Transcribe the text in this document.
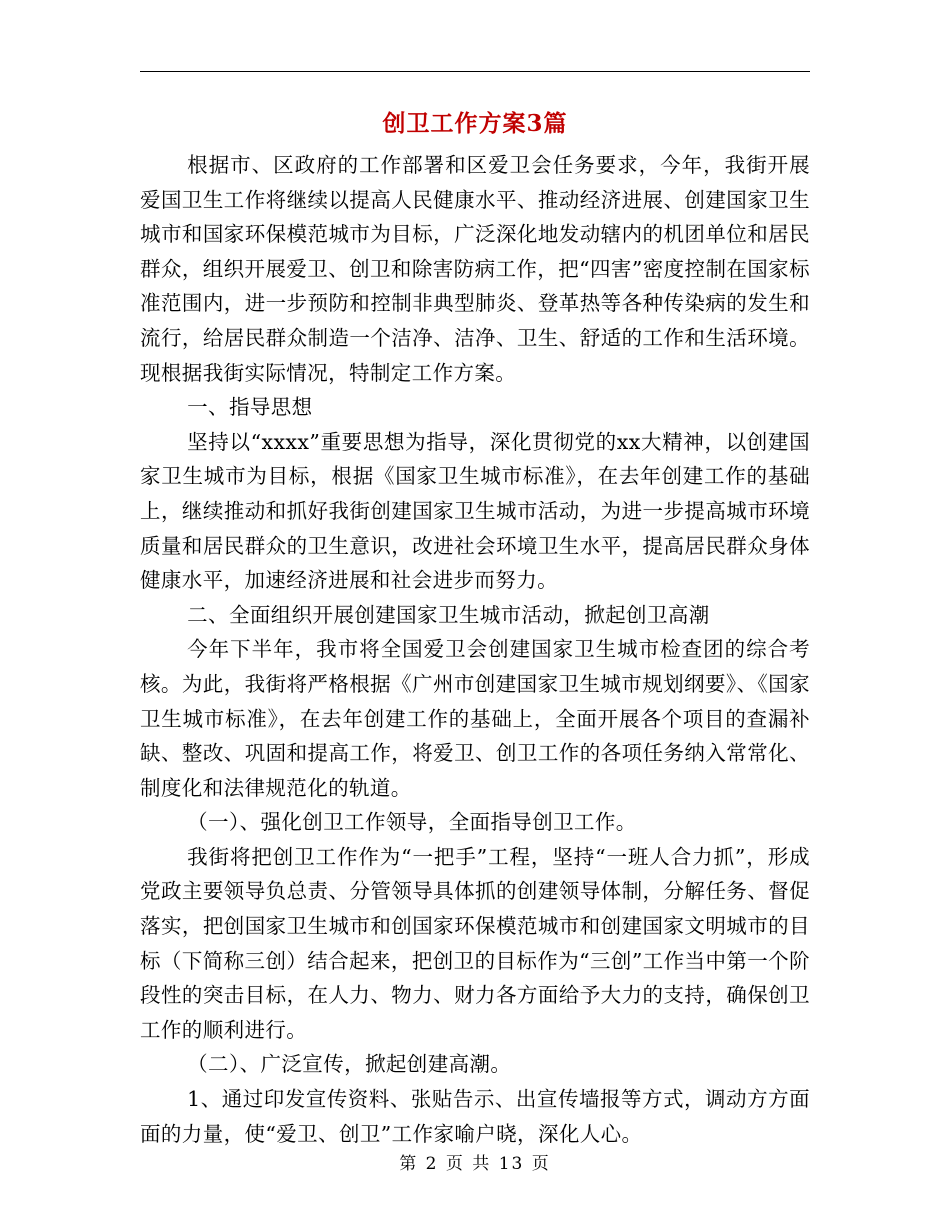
创卫工作方案3篇

根据市、区政府的工作部署和区爱卫会任务要求，今年，我街开展爱国卫生工作将继续以提高人民健康水平、推动经济进展、创建国家卫生城市和国家环保模范城市为目标，广泛深化地发动辖内的机团单位和居民群众，组织开展爱卫、创卫和除害防病工作，把“四害”密度控制在国家标准范围内，进一步预防和控制非典型肺炎、登革热等各种传染病的发生和流行，给居民群众制造一个洁净、洁净、卫生、舒适的工作和生活环境。现根据我街实际情况，特制定工作方案。

一、指导思想

坚持以“xxxx”重要思想为指导，深化贯彻党的xx大精神，以创建国家卫生城市为目标，根据《国家卫生城市标准》，在去年创建工作的基础上，继续推动和抓好我街创建国家卫生城市活动，为进一步提高城市环境质量和居民群众的卫生意识，改进社会环境卫生水平，提高居民群众身体健康水平，加速经济进展和社会进步而努力。

二、全面组织开展创建国家卫生城市活动，掀起创卫高潮

今年下半年，我市将全国爱卫会创建国家卫生城市检查团的综合考核。为此，我街将严格根据《广州市创建国家卫生城市规划纲要》、《国家卫生城市标准》，在去年创建工作的基础上，全面开展各个项目的查漏补缺、整改、巩固和提高工作，将爱卫、创卫工作的各项任务纳入常常化、制度化和法律规范化的轨道。

（一）、强化创卫工作领导，全面指导创卫工作。

我街将把创卫工作作为“一把手”工程，坚持“一班人合力抓”，形成党政主要领导负总责、分管领导具体抓的创建领导体制，分解任务、督促落实，把创国家卫生城市和创国家环保模范城市和创建国家文明城市的目标（下简称三创）结合起来，把创卫的目标作为“三创”工作当中第一个阶段性的突击目标，在人力、物力、财力各方面给予大力的支持，确保创卫工作的顺利进行。

（二）、广泛宣传，掀起创建高潮。

1、通过印发宣传资料、张贴告示、出宣传墙报等方式，调动方方面面的力量，使“爱卫、创卫”工作家喻户晓，深化人心。

第 2 页 共 13 页
